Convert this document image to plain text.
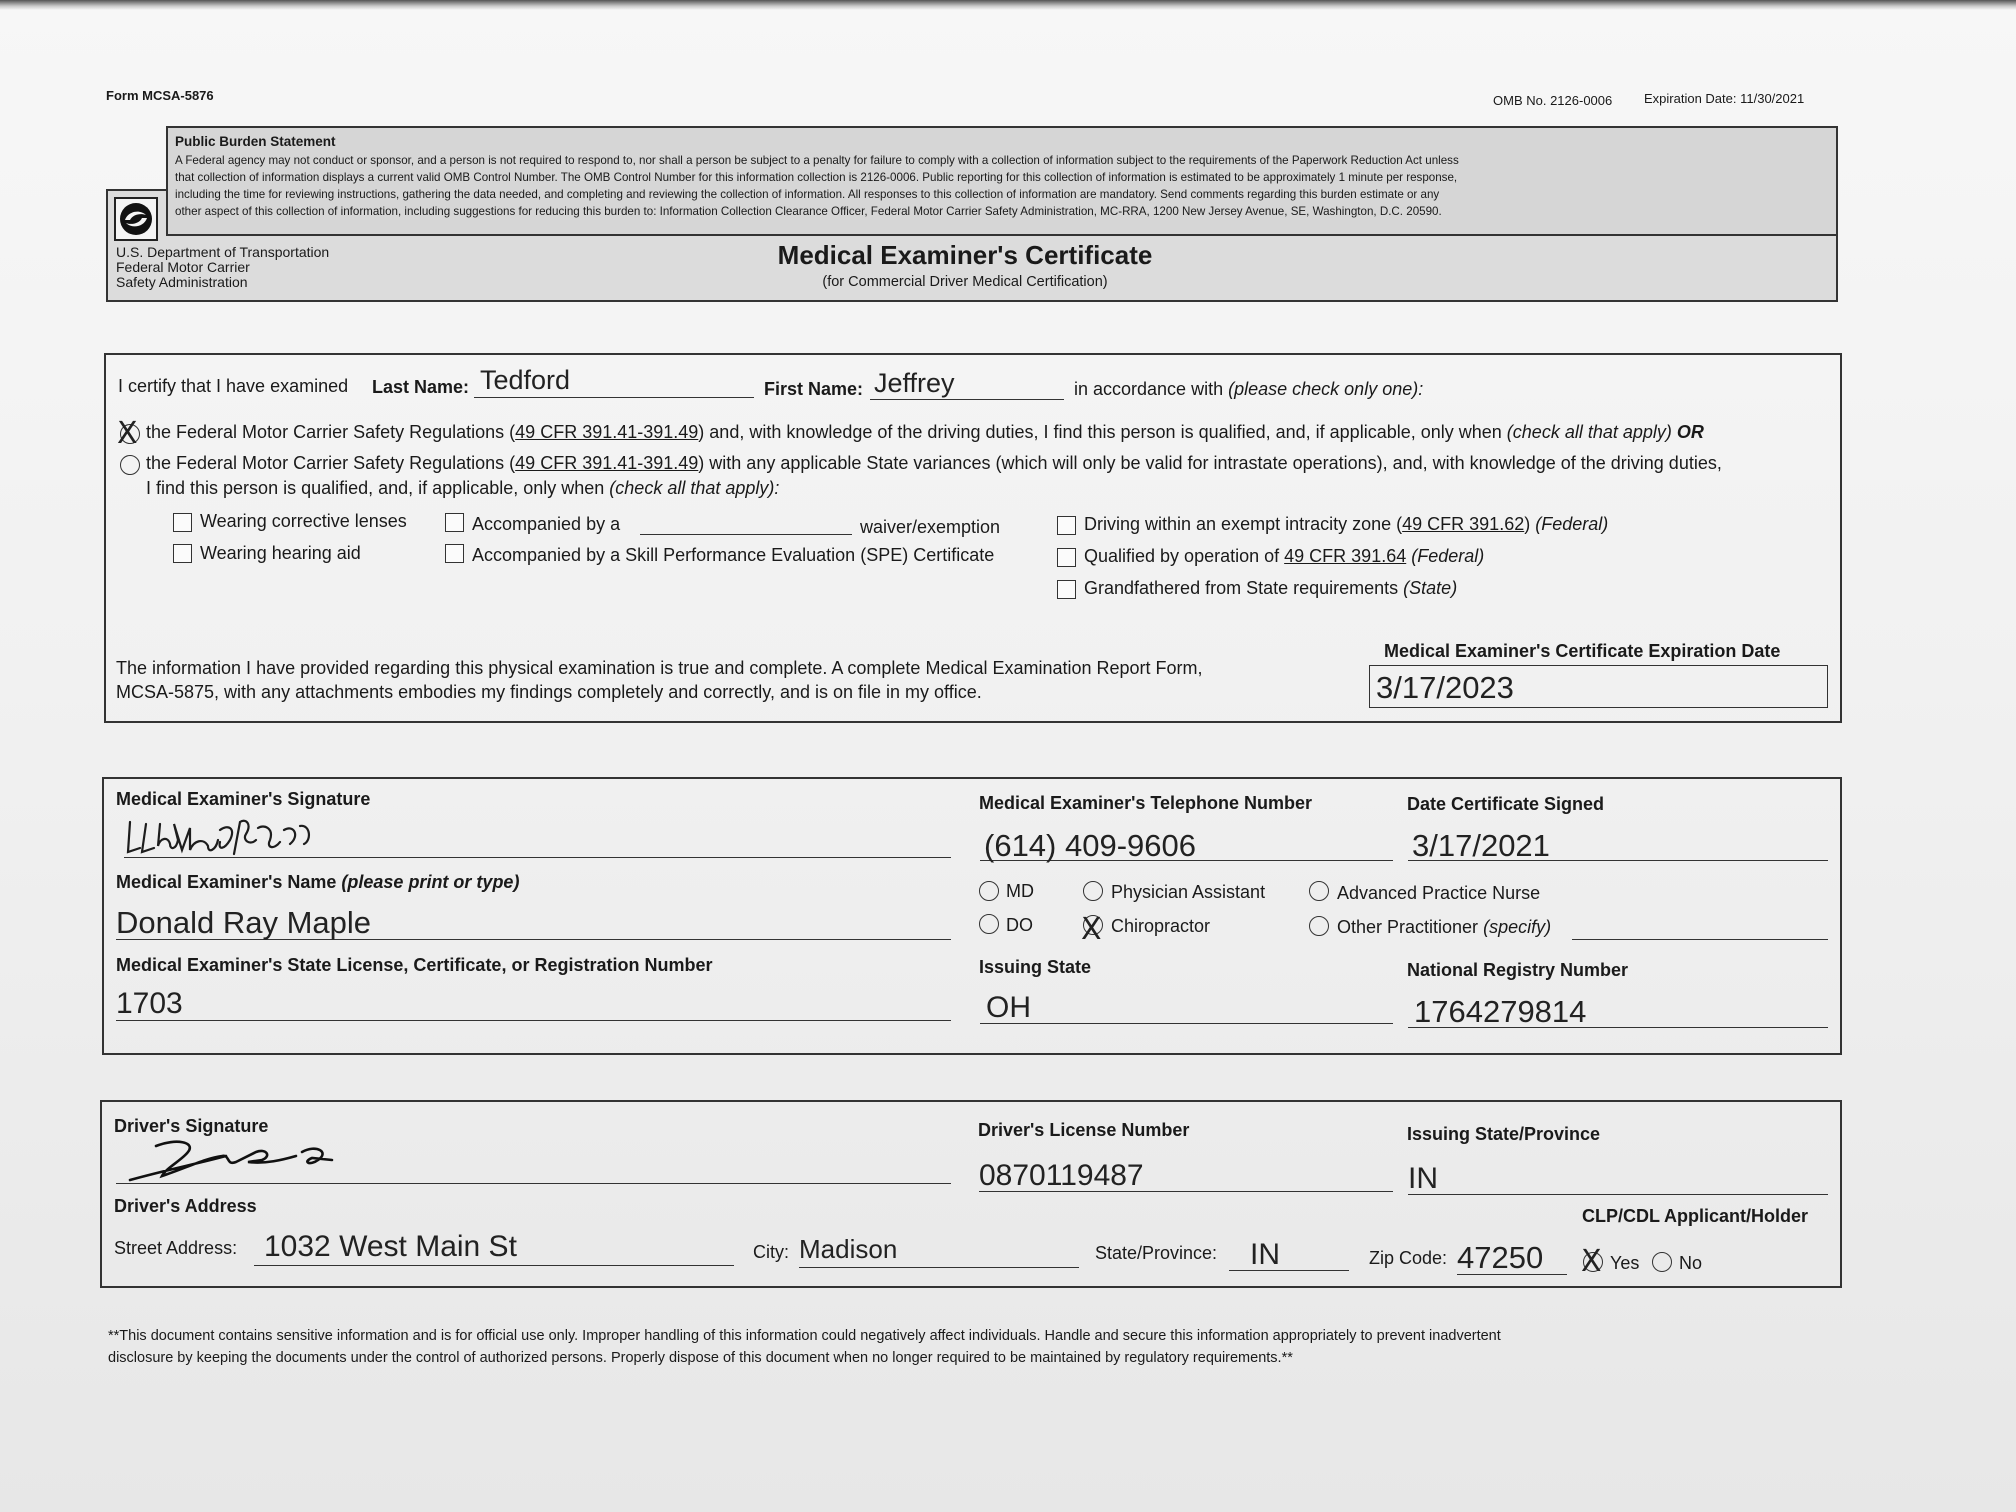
Form MCSA-5876	OMB No. 2126-0006 Expiration Date: 11/30/2021
Public Burden Statement
A Federal agency may not conduct or sponsor, and a person is not required to respond to, nor shall a person be subject to a penalty for failure to comply with a collection of information subject to the requirements of the Paperwork Reduction Act unless
that collection of information displays a current valid OMB Control Number. The OMB Control Number for this information collection is 2126-0006. Public reporting for this collection of information is estimated to be approximately 1 minute per response,
including the time for reviewing instructions, gathering the data needed, and completing and reviewing the collection of information. All responses to this collection of information are mandatory. Send comments regarding this burden estimate or any
other aspect of this collection of information, including suggestions for reducing this burden to: Information Collection Clearance Officer, Federal Motor Carrier Safety Administration, MC-RRA, 1200 New Jersey Avenue, SE, Washington, D.C. 20590.
U.S. Department of Transportation
Federal Motor Carrier
Safety Administration
Medical Examiner's Certificate
(for Commercial Driver Medical Certification)
I certify that I have examined Last Name: Tedford	First Name: Jeffrey	in accordance with (please check only one):
X the Federal Motor Carrier Safety Regulations (49 CFR 391.41-391.49) and, with knowledge of the driving duties, I find this person is qualified, and, if applicable, only when (check all that apply) OR
the Federal Motor Carrier Safety Regulations (49 CFR 391.41-391.49) with any applicable State variances (which will only be valid for intrastate operations), and, with knowledge of the driving duties,
I find this person is qualified, and, if applicable, only when (check all that apply):
Wearing corrective lenses
Wearing hearing aid
Accompanied by a	waiver/exemption
Accompanied by a Skill Performance Evaluation (SPE) Certificate
Driving within an exempt intracity zone (49 CFR 391.62) (Federal)
Qualified by operation of 49 CFR 391.64 (Federal)
Grandfathered from State requirements (State)
The information I have provided regarding this physical examination is true and complete. A complete Medical Examination Report Form,
MCSA-5875, with any attachments embodies my findings completely and correctly, and is on file in my office.
Medical Examiner's Certificate Expiration Date
3/17/2023
Medical Examiner's Signature	Medical Examiner's Telephone Number
(614) 409-9606
Date Certificate Signed
3/17/2021
Medical Examiner's Name (please print or type)
Donald Ray Maple
MD
DO
Physician Assistant
X Chiropractor
Advanced Practice Nurse
Other Practitioner (specify)
Medical Examiner's State License, Certificate, or Registration Number
1703
Issuing State
OH
National Registry Number
1764279814
Driver's Signature	Driver's License Number
0870119487
Issuing State/Province
IN
Driver's Address	CLP/CDL Applicant/Holder
Street Address: 1032 West Main St	City: Madison	State/Province: IN	Zip Code: 47250 X Yes No
**This document contains sensitive information and is for official use only. Improper handling of this information could negatively affect individuals. Handle and secure this information appropriately to prevent inadvertent
disclosure by keeping the documents under the control of authorized persons. Properly dispose of this document when no longer required to be maintained by regulatory requirements.**
